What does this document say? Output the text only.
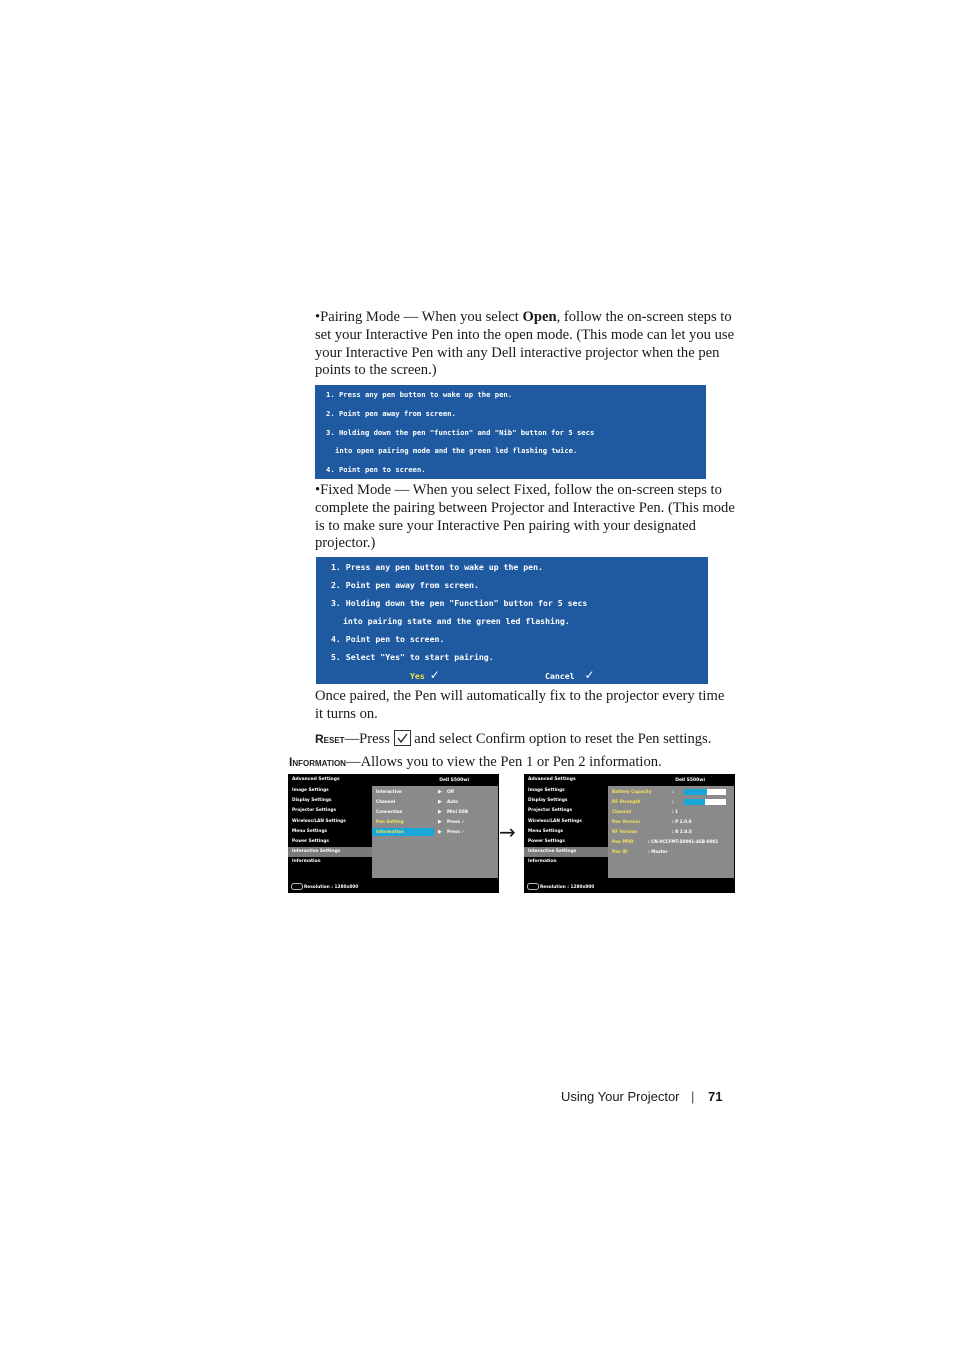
•Pairing Mode — When you select Open, follow the on-screen steps to set your Interactive Pen into the open mode. (This mode can let you use your Interactive Pen with any Dell interactive projector when the pen points to the screen.)
1. Press any pen button to wake up the pen.
2. Point pen away from screen.
3. Holding down the pen "function" and "Nib" button for 5 secs
into open pairing mode and the green led flashing twice.
4. Point pen to screen.
•Fixed Mode — When you select Fixed, follow the on-screen steps to complete the pairing between Projector and Interactive Pen. (This mode is to make sure your Interactive Pen pairing with your designated projector.)
1. Press any pen button to wake up the pen.
2. Point pen away from screen.
3. Holding down the pen "Function" button for 5 secs
into pairing state and the green led flashing.
4. Point pen to screen.
5. Select "Yes" to start pairing.
Yes ✓	Cancel ✓
Once paired, the Pen will automatically fix to the projector every time it turns on.
Reset—Press
and select Confirm option to reset the Pen settings.
Information—Allows you to view the Pen 1 or Pen 2 information.
Advanced Settings	Dell S500wi
Image Settings
Display Settings
Projector Settings
Wireless/LAN Settings
Menu Settings
Power Settings
Interactive Settings
Information
Interactive	▶ Off
Channel	▶ Auto
Connection	▶ Mini USB
Pen Setting	▶ Press ✓
Information	▶ Press ✓
Resolution : 1280x800
→
Advanced Settings	Dell S500wi
Image Settings
Display Settings
Projector Settings
Wireless/LAN Settings
Menu Settings
Power Settings
Interactive Settings
Information
Battery Capacity	:
RF Strength	:
Channel	: 1
Pen Version	: P 2.0.0
RF Version	: R 2.0.0
Pen PPID	: CN-0CCFMT-S0001-46B-0001
Pen ID	: Master
Resolution : 1280x800
Using Your Projector | 71
